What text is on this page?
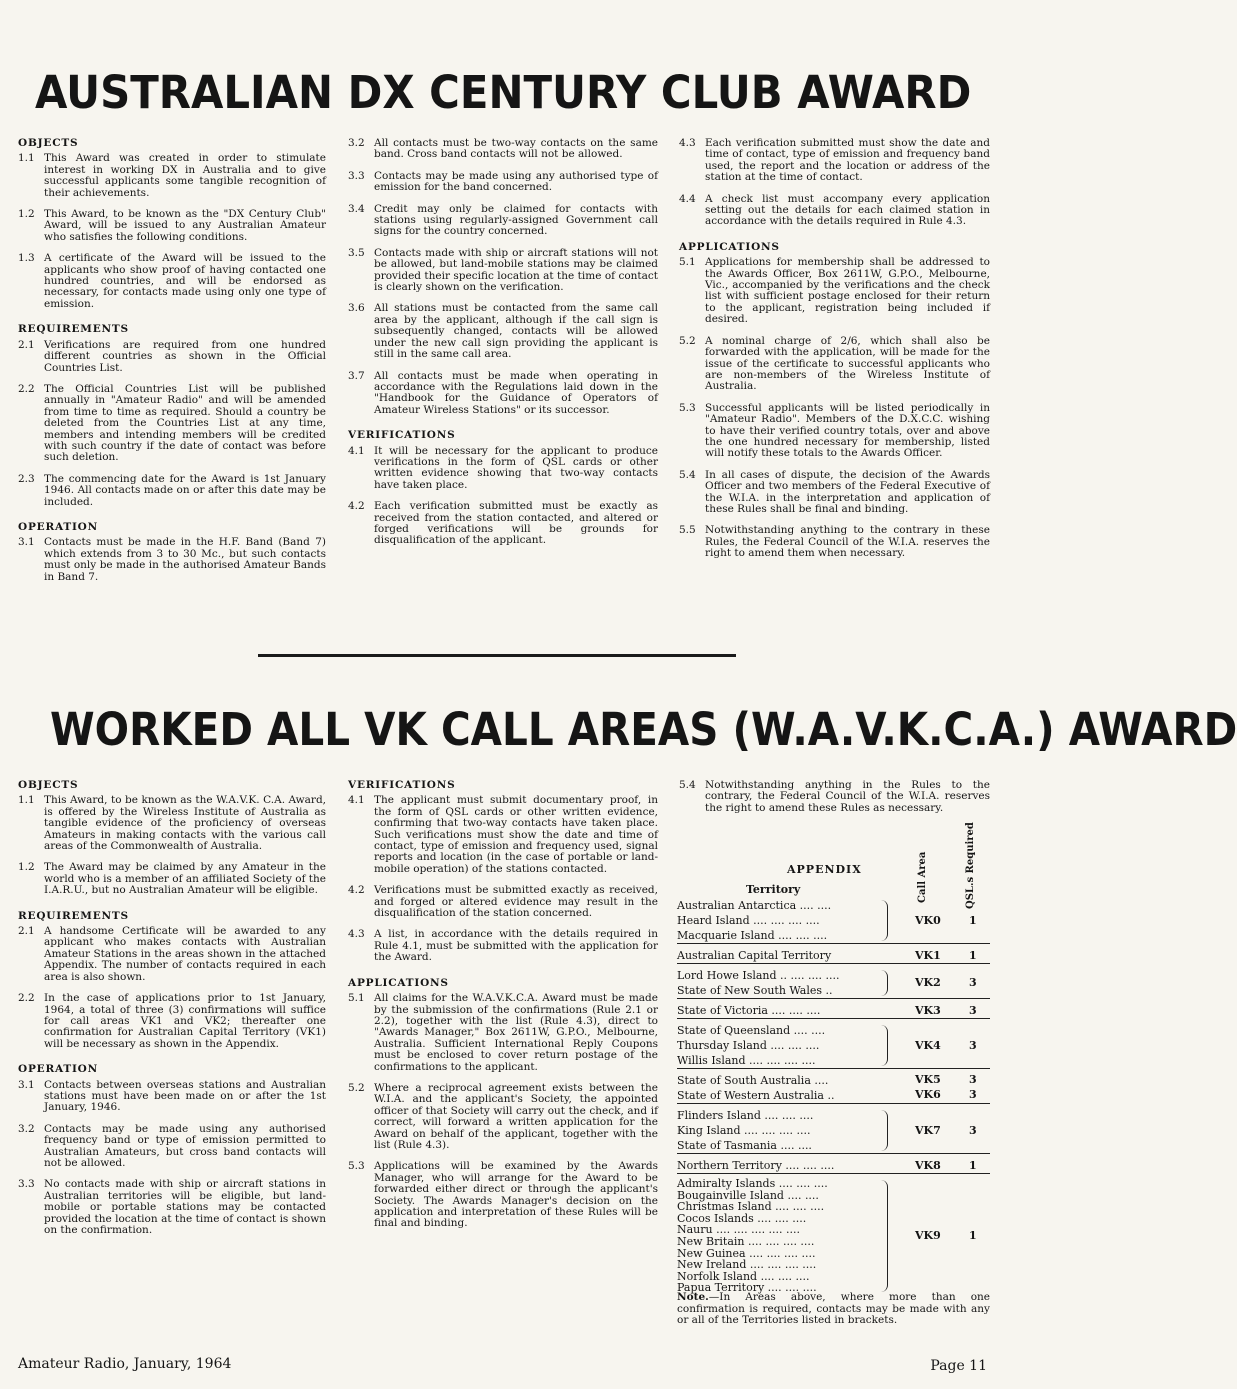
AUSTRALIAN DX CENTURY CLUB AWARD
OBJECTS
1.1 This Award was created in order to stimulate interest in working DX in Australia and to give successful applicants some tangible recognition of their achievements.
1.2 This Award, to be known as the "DX Century Club" Award, will be issued to any Australian Amateur who satisfies the following conditions.
1.3 A certificate of the Award will be issued to the applicants who show proof of having contacted one hundred countries, and will be endorsed as necessary, for contacts made using only one type of emission.
REQUIREMENTS
2.1 Verifications are required from one hundred different countries as shown in the Official Countries List.
2.2 The Official Countries List will be published annually in "Amateur Radio" and will be amended from time to time as required. Should a country be deleted from the Countries List at any time, members and intending members will be credited with such country if the date of contact was before such deletion.
2.3 The commencing date for the Award is 1st January 1946. All contacts made on or after this date may be included.
OPERATION
3.1 Contacts must be made in the H.F. Band (Band 7) which extends from 3 to 30 Mc., but such contacts must only be made in the authorised Amateur Bands in Band 7.
3.2 All contacts must be two-way contacts on the same band. Cross band contacts will not be allowed.
3.3 Contacts may be made using any authorised type of emission for the band concerned.
3.4 Credit may only be claimed for contacts with stations using regularly-assigned Government call signs for the country concerned.
3.5 Contacts made with ship or aircraft stations will not be allowed, but land-mobile stations may be claimed provided their specific location at the time of contact is clearly shown on the verification.
3.6 All stations must be contacted from the same call area by the applicant, although if the call sign is subsequently changed, contacts will be allowed under the new call sign providing the applicant is still in the same call area.
3.7 All contacts must be made when operating in accordance with the Regulations laid down in the "Handbook for the Guidance of Operators of Amateur Wireless Stations" or its successor.
VERIFICATIONS
4.1 It will be necessary for the applicant to produce verifications in the form of QSL cards or other written evidence showing that two-way contacts have taken place.
4.2 Each verification submitted must be exactly as received from the station contacted, and altered or forged verifications will be grounds for disqualification of the applicant.
4.3 Each verification submitted must show the date and time of contact, type of emission and frequency band used, the report and the location or address of the station at the time of contact.
4.4 A check list must accompany every application setting out the details for each claimed station in accordance with the details required in Rule 4.3.
APPLICATIONS
5.1 Applications for membership shall be addressed to the Awards Officer, Box 2611W, G.P.O., Melbourne, Vic., accompanied by the verifications and the check list with sufficient postage enclosed for their return to the applicant, registration being included if desired.
5.2 A nominal charge of 2/6, which shall also be forwarded with the application, will be made for the issue of the certificate to successful applicants who are non-members of the Wireless Institute of Australia.
5.3 Successful applicants will be listed periodically in "Amateur Radio". Members of the D.X.C.C. wishing to have their verified country totals, over and above the one hundred necessary for membership, listed will notify these totals to the Awards Officer.
5.4 In all cases of dispute, the decision of the Awards Officer and two members of the Federal Executive of the W.I.A. in the interpretation and application of these Rules shall be final and binding.
5.5 Notwithstanding anything to the contrary in these Rules, the Federal Council of the W.I.A. reserves the right to amend them when necessary.
WORKED ALL VK CALL AREAS (W.A.V.K.C.A.) AWARD
OBJECTS
1.1 This Award, to be known as the W.A.V.K. C.A. Award, is offered by the Wireless Institute of Australia as tangible evidence of the proficiency of overseas Amateurs in making contacts with the various call areas of the Commonwealth of Australia.
1.2 The Award may be claimed by any Amateur in the world who is a member of an affiliated Society of the I.A.R.U., but no Australian Amateur will be eligible.
REQUIREMENTS
2.1 A handsome Certificate will be awarded to any applicant who makes contacts with Australian Amateur Stations in the areas shown in the attached Appendix. The number of contacts required in each area is also shown.
2.2 In the case of applications prior to 1st January, 1964, a total of three (3) confirmations will suffice for call areas VK1 and VK2; thereafter one confirmation for Australian Capital Territory (VK1) will be necessary as shown in the Appendix.
OPERATION
3.1 Contacts between overseas stations and Australian stations must have been made on or after the 1st January, 1946.
3.2 Contacts may be made using any authorised frequency band or type of emission permitted to Australian Amateurs, but cross band contacts will not be allowed.
3.3 No contacts made with ship or aircraft stations in Australian territories will be eligible, but land-mobile or portable stations may be contacted provided the location at the time of contact is shown on the confirmation.
VERIFICATIONS
4.1 The applicant must submit documentary proof, in the form of QSL cards or other written evidence, confirming that two-way contacts have taken place. Such verifications must show the date and time of contact, type of emission and frequency used, signal reports and location (in the case of portable or land-mobile operation) of the stations contacted.
4.2 Verifications must be submitted exactly as received, and forged or altered evidence may result in the disqualification of the station concerned.
4.3 A list, in accordance with the details required in Rule 4.1, must be submitted with the application for the Award.
APPLICATIONS
5.1 All claims for the W.A.V.K.C.A. Award must be made by the submission of the confirmations (Rule 2.1 or 2.2), together with the list (Rule 4.3), direct to "Awards Manager," Box 2611W, G.P.O., Melbourne, Australia. Sufficient International Reply Coupons must be enclosed to cover return postage of the confirmations to the applicant.
5.2 Where a reciprocal agreement exists between the W.I.A. and the applicant's Society, the appointed officer of that Society will carry out the check, and if correct, will forward a written application for the Award on behalf of the applicant, together with the list (Rule 4.3).
5.3 Applications will be examined by the Awards Manager, who will arrange for the Award to be forwarded either direct or through the applicant's Society. The Awards Manager's decision on the application and interpretation of these Rules will be final and binding.
5.4 Notwithstanding anything in the Rules to the contrary, the Federal Council of the W.I.A. reserves the right to amend these Rules as necessary.
APPENDIX
Territory	Call Area	QSL.s Required
Australian Antarctica .... ....
Heard Island .... .... .... ....
Macquarie Island .... .... ....
VK0	1
Australian Capital Territory	VK1	1
Lord Howe Island .. .... .... ....
State of New South Wales ..
VK2	3
State of Victoria .... .... ....	VK3	3
State of Queensland .... ....
Thursday Island .... .... ....
Willis Island .... .... .... ....
VK4	3
State of South Australia ....
State of Western Australia ..
VK5	3
VK6	3
Flinders Island .... .... ....
King Island .... .... .... ....
State of Tasmania .... ....
VK7	3
Northern Territory .... .... ....	VK8	1
Admiralty Islands .... .... ....
Bougainville Island .... ....
Christmas Island .... .... ....
Cocos Islands .... .... ....
Nauru .... .... .... .... ....
New Britain .... .... .... ....
New Guinea .... .... .... ....
New Ireland .... .... .... ....
Norfolk Island .... .... ....
Papua Territory .... .... ....
VK9	1
Note.—In Areas above, where more than one confirmation is required, contacts may be made with any or all of the Territories listed in brackets.
Amateur Radio, January, 1964	Page 11
